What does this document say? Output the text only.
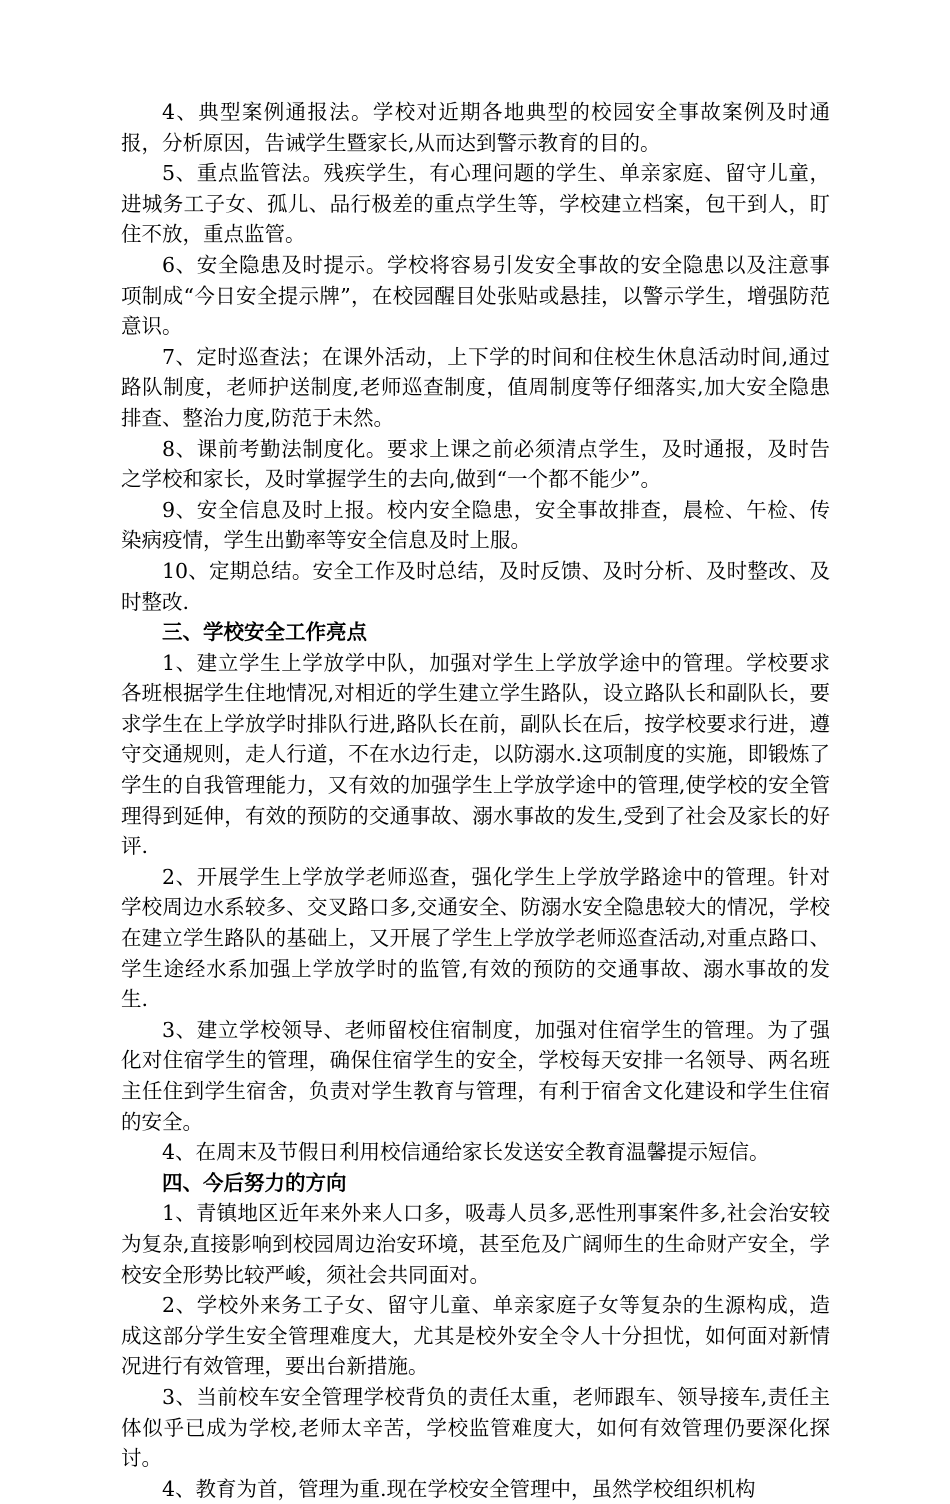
4、典型案例通报法。学校对近期各地典型的校园安全事故案例及时通报，分析原因，告诫学生暨家长,从而达到警示教育的目的。

5、重点监管法。残疾学生，有心理问题的学生、单亲家庭、留守儿童，进城务工子女、孤儿、品行极差的重点学生等，学校建立档案，包干到人，盯住不放，重点监管。

6、安全隐患及时提示。学校将容易引发安全事故的安全隐患以及注意事项制成“今日安全提示牌”，在校园醒目处张贴或悬挂，以警示学生，增强防范意识。

7、定时巡查法；在课外活动，上下学的时间和住校生休息活动时间,通过路队制度，老师护送制度,老师巡查制度，值周制度等仔细落实,加大安全隐患排查、整治力度,防范于未然。

8、课前考勤法制度化。要求上课之前必须清点学生，及时通报，及时告之学校和家长，及时掌握学生的去向,做到“一个都不能少”。

9、安全信息及时上报。校内安全隐患，安全事故排查，晨检、午检、传染病疫情，学生出勤率等安全信息及时上服。

10、定期总结。安全工作及时总结，及时反馈、及时分析、及时整改、及时整改.

三、学校安全工作亮点

1、建立学生上学放学中队，加强对学生上学放学途中的管理。学校要求各班根据学生住地情况,对相近的学生建立学生路队，设立路队长和副队长，要求学生在上学放学时排队行进,路队长在前，副队长在后，按学校要求行进，遵守交通规则，走人行道，不在水边行走，以防溺水.这项制度的实施，即锻炼了学生的自我管理能力，又有效的加强学生上学放学途中的管理,使学校的安全管理得到延伸，有效的预防的交通事故、溺水事故的发生,受到了社会及家长的好评.

2、开展学生上学放学老师巡查，强化学生上学放学路途中的管理。针对学校周边水系较多、交叉路口多,交通安全、防溺水安全隐患较大的情况，学校在建立学生路队的基础上，又开展了学生上学放学老师巡查活动,对重点路口、学生途经水系加强上学放学时的监管,有效的预防的交通事故、溺水事故的发生.

3、建立学校领导、老师留校住宿制度，加强对住宿学生的管理。为了强化对住宿学生的管理，确保住宿学生的安全，学校每天安排一名领导、两名班主任住到学生宿舍，负责对学生教育与管理，有利于宿舍文化建设和学生住宿的安全。

4、在周末及节假日利用校信通给家长发送安全教育温馨提示短信。

四、今后努力的方向

1、青镇地区近年来外来人口多，吸毒人员多,恶性刑事案件多,社会治安较为复杂,直接影响到校园周边治安环境，甚至危及广阔师生的生命财产安全，学校安全形势比较严峻，须社会共同面对。

2、学校外来务工子女、留守儿童、单亲家庭子女等复杂的生源构成，造成这部分学生安全管理难度大，尤其是校外安全令人十分担忧，如何面对新情况进行有效管理，要出台新措施。

3、当前校车安全管理学校背负的责任太重，老师跟车、领导接车,责任主体似乎已成为学校,老师太辛苦，学校监管难度大，如何有效管理仍要深化探讨。

4、教育为首，管理为重.现在学校安全管理中，虽然学校组织机构
